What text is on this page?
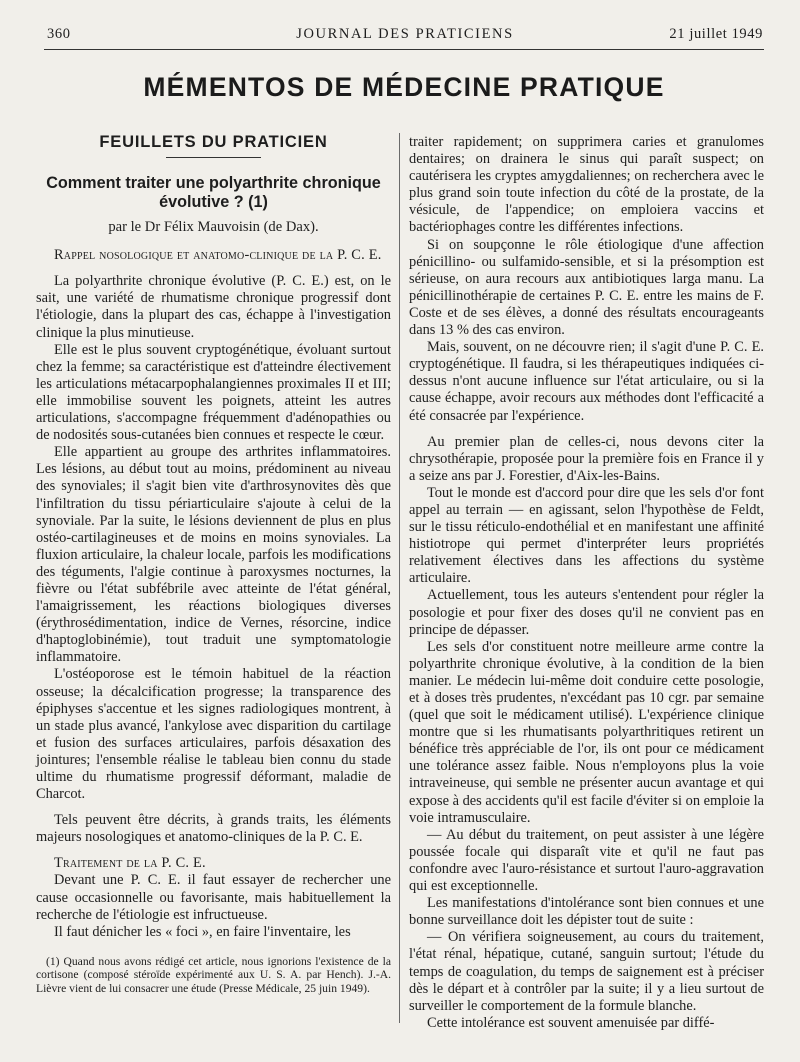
360	JOURNAL DES PRATICIENS	21 juillet 1949
MÉMENTOS DE MÉDECINE PRATIQUE
FEUILLETS DU PRATICIEN
Comment traiter une polyarthrite chronique évolutive ? (1)
par le Dr Félix Mauvoisin (de Dax).

Rappel nosologique et anatomo-clinique de la P. C. E.

La polyarthrite chronique évolutive (P. C. E.) est, on le sait, une variété de rhumatisme chronique progressif dont l'étiologie, dans la plupart des cas, échappe à l'investigation clinique la plus minutieuse.

Elle est le plus souvent cryptogénétique, évoluant surtout chez la femme; sa caractéristique est d'atteindre électivement les articulations métacarpophalangiennes proximales II et III; elle immobilise souvent les poignets, atteint les autres articulations, s'accompagne fréquemment d'adénopathies ou de nodosités sous-cutanées bien connues et respecte le cœur.

Elle appartient au groupe des arthrites inflammatoires. Les lésions, au début tout au moins, prédominent au niveau des synoviales; il s'agit bien vite d'arthrosynovites dès que l'infiltration du tissu périarticulaire s'ajoute à celui de la synoviale. Par la suite, le lésions deviennent de plus en plus ostéo-cartilagineuses et de moins en moins synoviales. La fluxion articulaire, la chaleur locale, parfois les modifications des téguments, l'algie continue à paroxysmes nocturnes, la fièvre ou l'état subfébrile avec atteinte de l'état général, l'amaigrissement, les réactions biologiques diverses (érythrosédimentation, indice de Vernes, résorcine, indice d'haptoglobinémie), tout traduit une symptomatologie inflammatoire.

L'ostéoporose est le témoin habituel de la réaction osseuse; la décalcification progresse; la transparence des épiphyses s'accentue et les signes radiologiques montrent, à un stade plus avancé, l'ankylose avec disparition du cartilage et fusion des surfaces articulaires, parfois désaxation des jointures; l'ensemble réalise le tableau bien connu du stade ultime du rhumatisme progressif déformant, maladie de Charcot.

Tels peuvent être décrits, à grands traits, les éléments majeurs nosologiques et anatomo-cliniques de la P. C. E.

Traitement de la P. C. E.

Devant une P. C. E. il faut essayer de rechercher une cause occasionnelle ou favorisante, mais habituellement la recherche de l'étiologie est infructueuse.

Il faut dénicher les « foci », en faire l'inventaire, les

(1) Quand nous avons rédigé cet article, nous ignorions l'existence de la cortisone (composé stéroïde expérimenté aux U. S. A. par Hench). J.-A. Lièvre vient de lui consacrer une étude (Presse Médicale, 25 juin 1949).

traiter rapidement; on supprimera caries et granulomes dentaires; on drainera le sinus qui paraît suspect; on cautérisera les cryptes amygdaliennes; on recherchera avec le plus grand soin toute infection du côté de la prostate, de la vésicule, de l'appendice; on emploiera vaccins et bactériophages contre les différentes infections.

Si on soupçonne le rôle étiologique d'une affection pénicillino- ou sulfamido-sensible, et si la présomption est sérieuse, on aura recours aux antibiotiques larga manu. La pénicillinothérapie de certaines P. C. E. entre les mains de F. Coste et de ses élèves, a donné des résultats encourageants dans 13 % des cas environ.

Mais, souvent, on ne découvre rien; il s'agit d'une P. C. E. cryptogénétique. Il faudra, si les thérapeutiques indiquées ci-dessus n'ont aucune influence sur l'état articulaire, ou si la cause échappe, avoir recours aux méthodes dont l'efficacité a été consacrée par l'expérience.

Au premier plan de celles-ci, nous devons citer la chrysothérapie, proposée pour la première fois en France il y a seize ans par J. Forestier, d'Aix-les-Bains.

Tout le monde est d'accord pour dire que les sels d'or font appel au terrain — en agissant, selon l'hypothèse de Feldt, sur le tissu réticulo-endothélial et en manifestant une affinité histiotrope qui permet d'interpréter leurs propriétés relativement électives dans les affections du système articulaire.

Actuellement, tous les auteurs s'entendent pour régler la posologie et pour fixer des doses qu'il ne convient pas en principe de dépasser.

Les sels d'or constituent notre meilleure arme contre la polyarthrite chronique évolutive, à la condition de la bien manier. Le médecin lui-même doit conduire cette posologie, et à doses très prudentes, n'excédant pas 10 cgr. par semaine (quel que soit le médicament utilisé). L'expérience clinique montre que si les rhumatisants polyarthritiques retirent un bénéfice très appréciable de l'or, ils ont pour ce médicament une tolérance assez faible. Nous n'employons plus la voie intraveineuse, qui semble ne présenter aucun avantage et qui expose à des accidents qu'il est facile d'éviter si on emploie la voie intramusculaire.

— Au début du traitement, on peut assister à une légère poussée focale qui disparaît vite et qu'il ne faut pas confondre avec l'auro-résistance et surtout l'auro-aggravation qui est exceptionnelle.

Les manifestations d'intolérance sont bien connues et une bonne surveillance doit les dépister tout de suite :

— On vérifiera soigneusement, au cours du traitement, l'état rénal, hépatique, cutané, sanguin surtout; l'étude du temps de coagulation, du temps de saignement est à préciser dès le départ et à contrôler par la suite; il y a lieu surtout de surveiller le comportement de la formule blanche.

Cette intolérance est souvent amenuisée par diffé-
